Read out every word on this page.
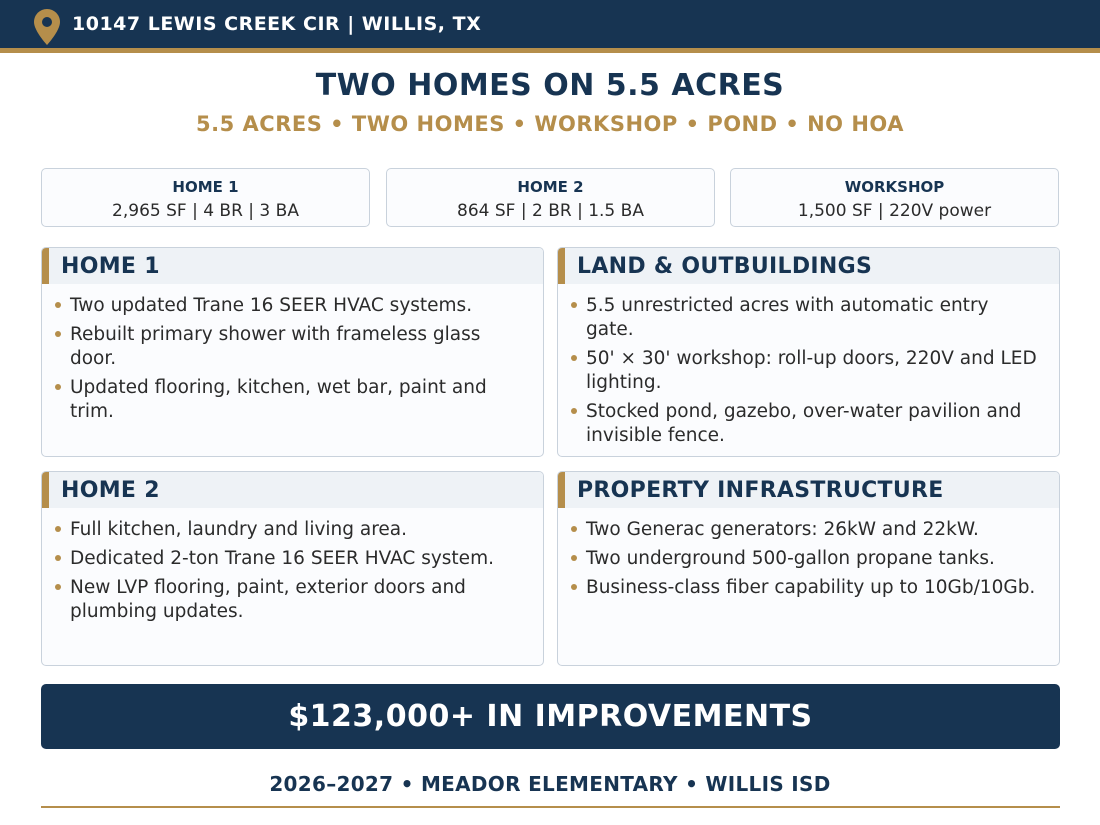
10147 LEWIS CREEK CIR | WILLIS, TX
TWO HOMES ON 5.5 ACRES
5.5 ACRES • TWO HOMES • WORKSHOP • POND • NO HOA
HOME 1
2,965 SF | 4 BR | 3 BA
HOME 2
864 SF | 2 BR | 1.5 BA
WORKSHOP
1,500 SF | 220V power
HOME 1
Two updated Trane 16 SEER HVAC systems.
Rebuilt primary shower with frameless glass door.
Updated flooring, kitchen, wet bar, paint and trim.
LAND & OUTBUILDINGS
5.5 unrestricted acres with automatic entry gate.
50' × 30' workshop: roll-up doors, 220V and LED lighting.
Stocked pond, gazebo, over-water pavilion and invisible fence.
HOME 2
Full kitchen, laundry and living area.
Dedicated 2-ton Trane 16 SEER HVAC system.
New LVP flooring, paint, exterior doors and plumbing updates.
PROPERTY INFRASTRUCTURE
Two Generac generators: 26kW and 22kW.
Two underground 500-gallon propane tanks.
Business-class fiber capability up to 10Gb/10Gb.
$123,000+ IN IMPROVEMENTS
2026–2027 • MEADOR ELEMENTARY • WILLIS ISD
